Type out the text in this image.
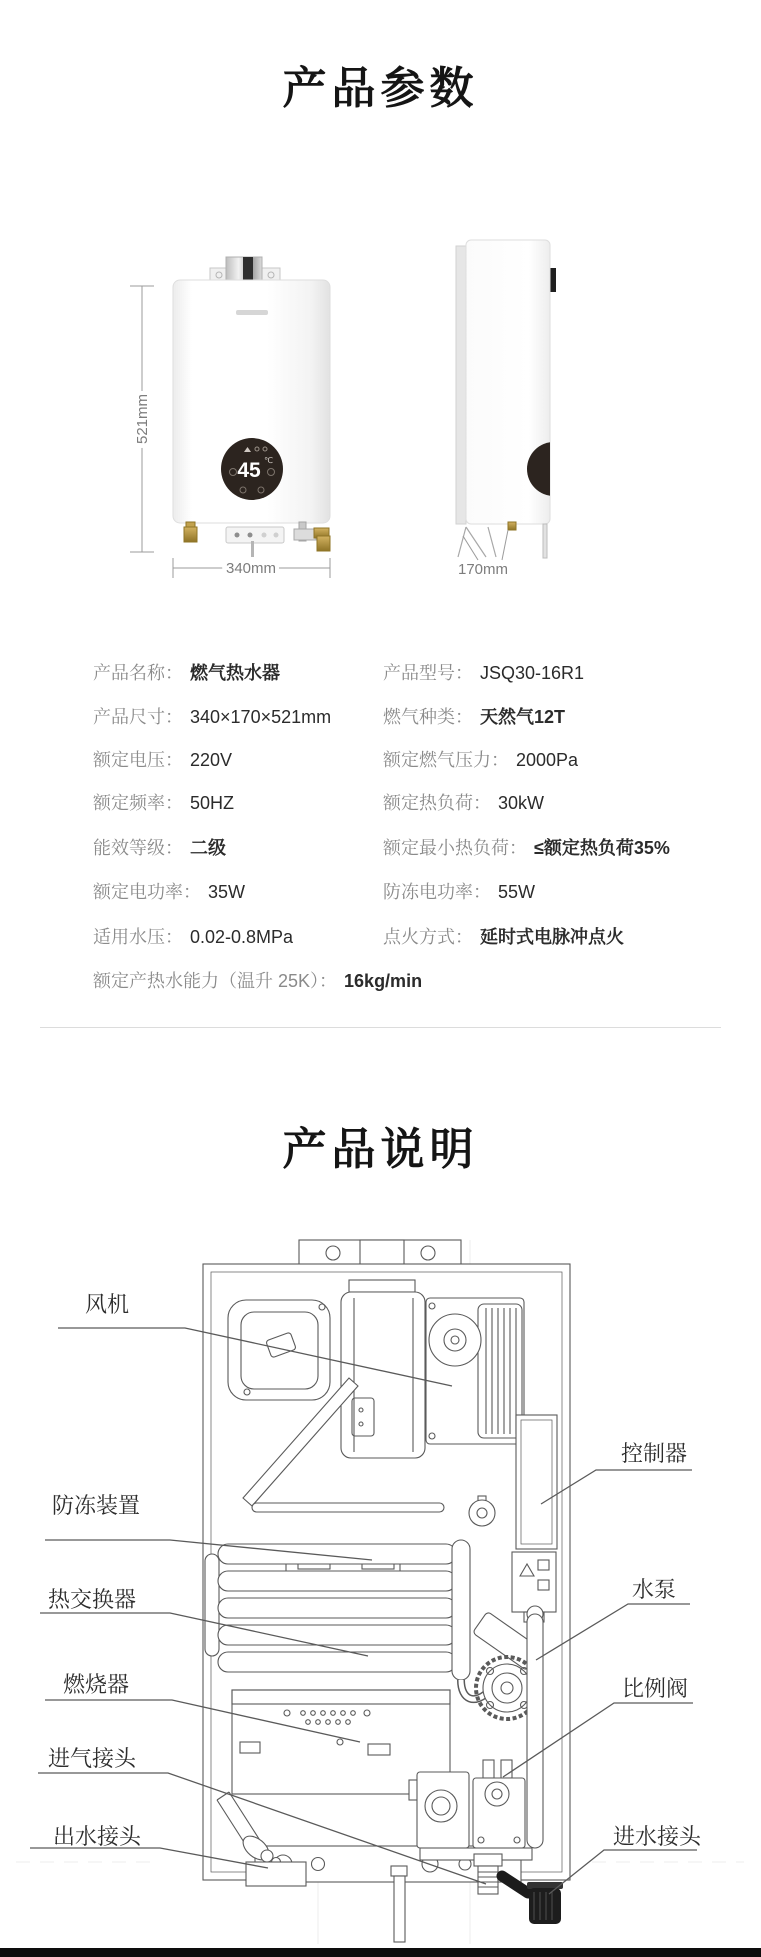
产品参数
45 ℃
521mm
340mm	170mm
产品名称： 燃气热水器
产品尺寸： 340×170×521mm
额定电压： 220V
额定频率： 50HZ
能效等级： 二级
额定电功率： 35W
适用水压： 0.02-0.8MPa
产品型号： JSQ30-16R1
燃气种类： 天然气12T
额定燃气压力： 2000Pa
额定热负荷： 30kW
额定最小热负荷： ≤额定热负荷35%
防冻电功率： 55W
点火方式： 延时式电脉冲点火
额定产热水能力（温升 25K）： 16kg/min
产品说明
风机
防冻装置
热交换器
燃烧器
进气接头
出水接头
控制器
水泵
比例阀
进水接头
